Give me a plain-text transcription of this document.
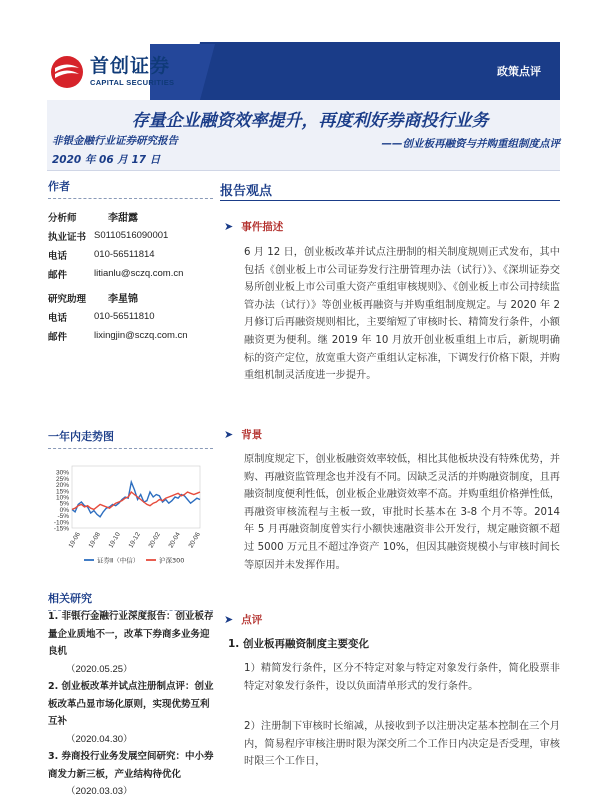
首创证券
CAPITAL SECURITIES
政策点评
存量企业融资效率提升，再度利好券商投行业务
非银金融行业证券研究报告
2020 年 06 月 17 日
——创业板再融资与并购重组制度点评
作者
分析师	李甜露
执业证书 S0110516090001
电话	010-56511814
邮件	litianlu@sczq.com.cn
研究助理	李星锦
电话	010-56511810
邮件	lixingjin@sczq.com.cn
一年内走势图
30%
25%
20%
15%
10%
5%
0%
-5%
-10%
-15%
19-06 19-08 19-10 19-12 20-02 20-04 20-06
证券Ⅱ（中信）	沪深300
相关研究
1. 非银行金融行业深度报告：创业板存量企业质地不一，改革下券商多业务迎良机
（2020.05.25）
2. 创业板改革并试点注册制点评：创业板改革凸显市场化原则，实现优势互利互补
（2020.04.30）
3. 券商投行业务发展空间研究：中小券商发力新三板，产业结构待优化
（2020.03.03）
报告观点
➤ 事件描述
6 月 12 日，创业板改革并试点注册制的相关制度规则正式发布，其中包括《创业板上市公司证券发行注册管理办法（试行）》、《深圳证券交易所创业板上市公司重大资产重组审核规则》、《创业板上市公司持续监管办法（试行）》等创业板再融资与并购重组制度规定。与 2020 年 2 月修订后再融资规则相比，主要缩短了审核时长、精简发行条件，小额融资更为便利。继 2019 年 10 月放开创业板重组上市后，新规明确标的资产定位，放宽重大资产重组认定标准，下调发行价格下限，并购重组机制灵活度进一步提升。
➤ 背景
原制度规定下，创业板融资效率较低，相比其他板块没有特殊优势，并购、再融资监管理念也并没有不同。因缺乏灵活的并购融资制度，且再融资制度便利性低，创业板企业融资效率不高。并购重组价格弹性低，再融资审核流程与主板一致，审批时长基本在 3-8 个月不等。2014 年 5 月再融资制度曾实行小额快速融资非公开发行，规定融资额不超过 5000 万元且不超过净资产 10%，但因其融资规模小与审核时间长等原因并未发挥作用。
➤ 点评
1. 创业板再融资制度主要变化
1）精简发行条件，区分不特定对象与特定对象发行条件，简化股票非特定对象发行条件，设以负面清单形式的发行条件。
2）注册制下审核时长缩减，从接收到予以注册决定基本控制在三个月内，简易程序审核注册时限为深交所二个工作日内决定是否受理，审核时限三个工作日，
